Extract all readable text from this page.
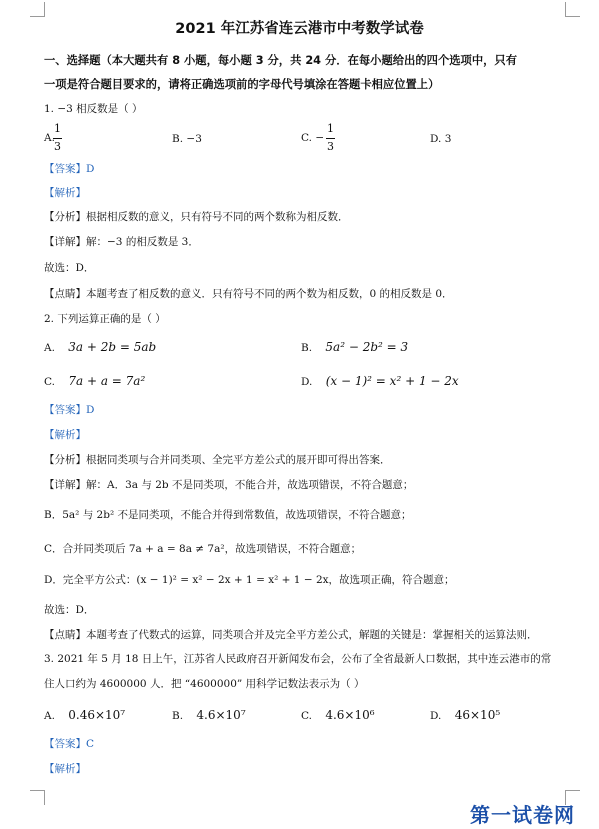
2021 年江苏省连云港市中考数学试卷
一、选择题（本大题共有 8 小题，每小题 3 分，共 24 分．在每小题给出的四个选项中，只有
一项是符合题目要求的，请将正确选项前的字母代号填涂在答题卡相应位置上）
1. −3 相反数是（ ）
A.
1
3
B. −3	C. −
1
3
D. 3
【答案】D
【解析】
【分析】根据相反数的意义，只有符号不同的两个数称为相反数．
【详解】解：−3 的相反数是 3．
故选：D．
【点睛】本题考查了相反数的意义．只有符号不同的两个数为相反数，0 的相反数是 0．
2. 下列运算正确的是（ ）
A. 3a + 2b = 5ab	B. 5a² − 2b² = 3
C. 7a + a = 7a²	D. (x − 1)² = x² + 1 − 2x
【答案】D
【解析】
【分析】根据同类项与合并同类项、全完平方差公式的展开即可得出答案．
【详解】解：A．3a 与 2b 不是同类项，不能合并，故选项错误，不符合题意；
B．5a² 与 2b² 不是同类项，不能合并得到常数值，故选项错误，不符合题意；
C．合并同类项后 7a + a = 8a ≠ 7a²，故选项错误，不符合题意；
D．完全平方公式：(x − 1)² = x² − 2x + 1 = x² + 1 − 2x，故选项正确，符合题意；
故选：D．
【点睛】本题考查了代数式的运算，同类项合并及完全平方差公式，解题的关键是：掌握相关的运算法则．
3. 2021 年 5 月 18 日上午，江苏省人民政府召开新闻发布会，公布了全省最新人口数据，其中连云港市的常
住人口约为 4600000 人．把 “4600000” 用科学记数法表示为（ ）
A. 0.46×10⁷	B. 4.6×10⁷	C. 4.6×10⁶	D. 46×10⁵
【答案】C
【解析】
第一试卷网
